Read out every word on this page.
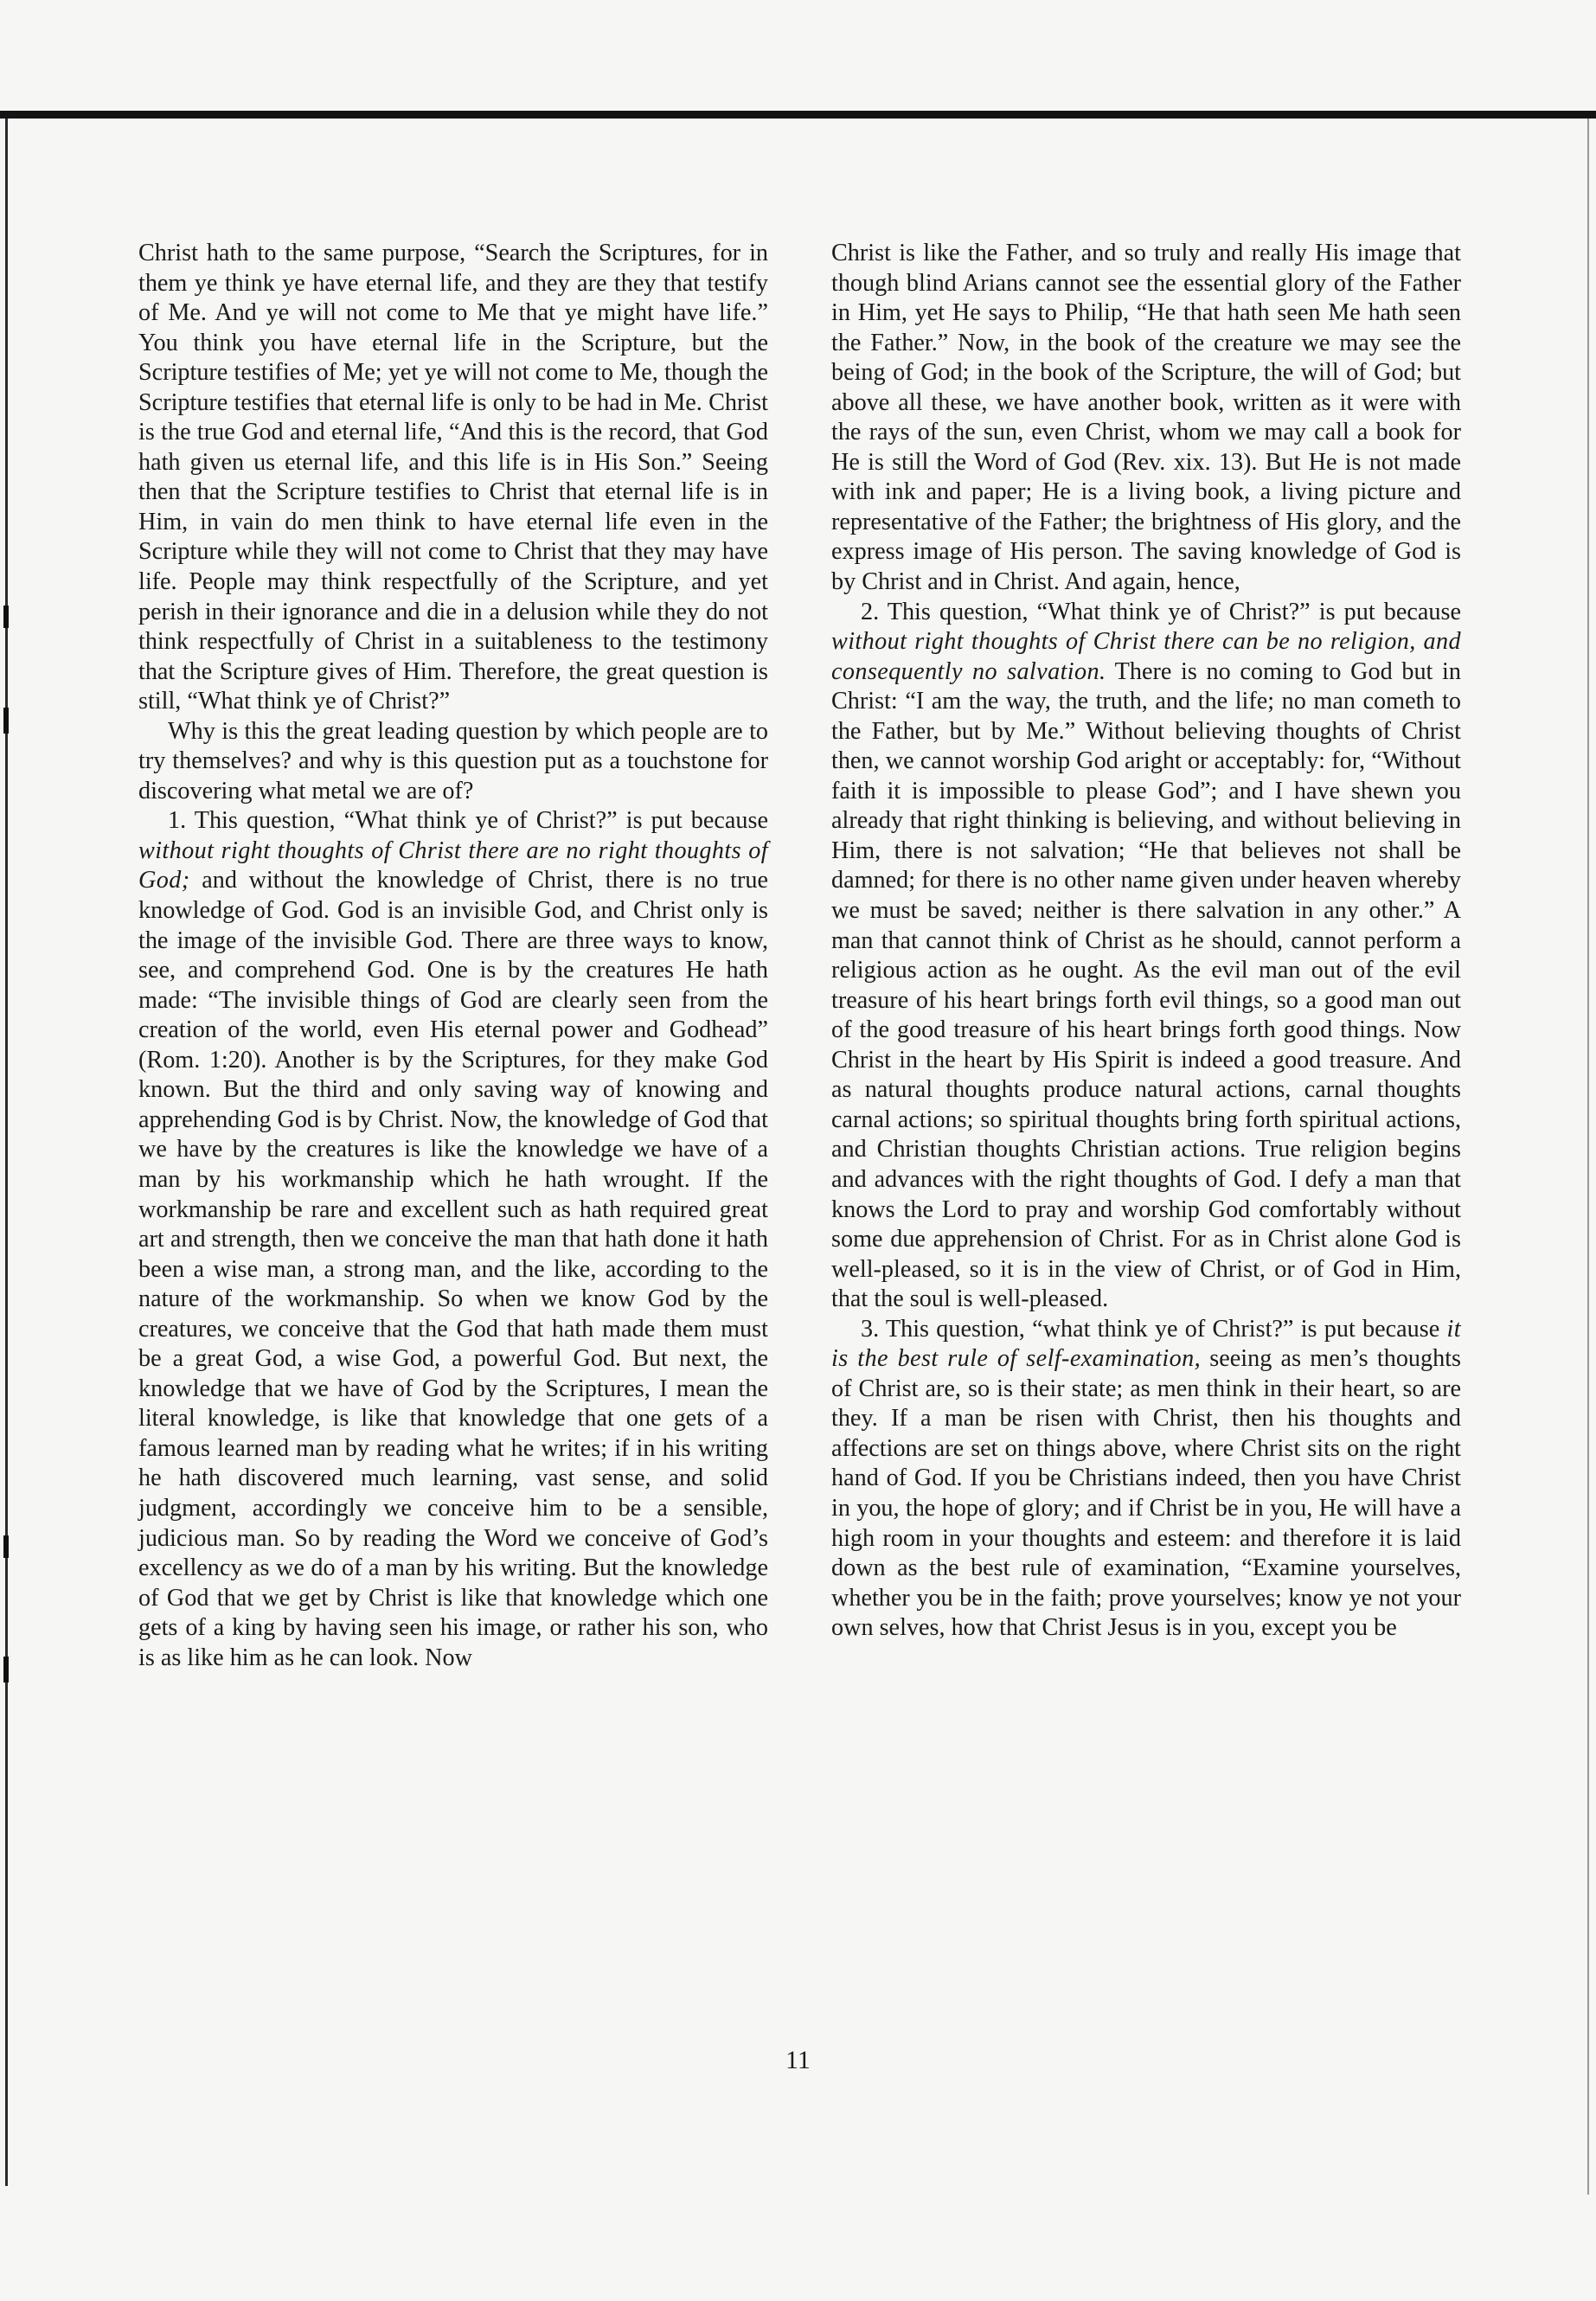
Christ hath to the same purpose, “Search the Scriptures, for in them ye think ye have eternal life, and they are they that testify of Me. And ye will not come to Me that ye might have life.” You think you have eternal life in the Scripture, but the Scripture testifies of Me; yet ye will not come to Me, though the Scripture testifies that eternal life is only to be had in Me. Christ is the true God and eternal life, “And this is the record, that God hath given us eternal life, and this life is in His Son.” Seeing then that the Scripture testifies to Christ that eternal life is in Him, in vain do men think to have eternal life even in the Scripture while they will not come to Christ that they may have life. People may think respectfully of the Scripture, and yet perish in their ignorance and die in a delusion while they do not think respectfully of Christ in a suitableness to the testimony that the Scripture gives of Him. Therefore, the great question is still, “What think ye of Christ?”

Why is this the great leading question by which people are to try themselves? and why is this question put as a touchstone for discovering what metal we are of?

1. This question, “What think ye of Christ?” is put because without right thoughts of Christ there are no right thoughts of God; and without the knowledge of Christ, there is no true knowledge of God. God is an invisible God, and Christ only is the image of the invisible God. There are three ways to know, see, and comprehend God. One is by the creatures He hath made: “The invisible things of God are clearly seen from the creation of the world, even His eternal power and Godhead” (Rom. 1:20). Another is by the Scriptures, for they make God known. But the third and only saving way of knowing and apprehending God is by Christ. Now, the knowledge of God that we have by the creatures is like the knowledge we have of a man by his workmanship which he hath wrought. If the workmanship be rare and excellent such as hath required great art and strength, then we conceive the man that hath done it hath been a wise man, a strong man, and the like, according to the nature of the workmanship. So when we know God by the creatures, we conceive that the God that hath made them must be a great God, a wise God, a powerful God. But next, the knowledge that we have of God by the Scriptures, I mean the literal knowledge, is like that knowledge that one gets of a famous learned man by reading what he writes; if in his writing he hath discovered much learning, vast sense, and solid judgment, accordingly we conceive him to be a sensible, judicious man. So by reading the Word we conceive of God’s excellency as we do of a man by his writing. But the knowledge of God that we get by Christ is like that knowledge which one gets of a king by having seen his image, or rather his son, who is as like him as he can look. Now

Christ is like the Father, and so truly and really His image that though blind Arians cannot see the essential glory of the Father in Him, yet He says to Philip, “He that hath seen Me hath seen the Father.” Now, in the book of the creature we may see the being of God; in the book of the Scripture, the will of God; but above all these, we have another book, written as it were with the rays of the sun, even Christ, whom we may call a book for He is still the Word of God (Rev. xix. 13). But He is not made with ink and paper; He is a living book, a living picture and representative of the Father; the brightness of His glory, and the express image of His person. The saving knowledge of God is by Christ and in Christ. And again, hence,

2. This question, “What think ye of Christ?” is put because without right thoughts of Christ there can be no religion, and consequently no salvation. There is no coming to God but in Christ: “I am the way, the truth, and the life; no man cometh to the Father, but by Me.” Without believing thoughts of Christ then, we cannot worship God aright or acceptably: for, “Without faith it is impossible to please God”; and I have shewn you already that right thinking is believing, and without believing in Him, there is not salvation; “He that believes not shall be damned; for there is no other name given under heaven whereby we must be saved; neither is there salvation in any other.” A man that cannot think of Christ as he should, cannot perform a religious action as he ought. As the evil man out of the evil treasure of his heart brings forth evil things, so a good man out of the good treasure of his heart brings forth good things. Now Christ in the heart by His Spirit is indeed a good treasure. And as natural thoughts produce natural actions, carnal thoughts carnal actions; so spiritual thoughts bring forth spiritual actions, and Christian thoughts Christian actions. True religion begins and advances with the right thoughts of God. I defy a man that knows the Lord to pray and worship God comfortably without some due apprehension of Christ. For as in Christ alone God is well-pleased, so it is in the view of Christ, or of God in Him, that the soul is well-pleased.

3. This question, “what think ye of Christ?” is put because it is the best rule of self-examination, seeing as men’s thoughts of Christ are, so is their state; as men think in their heart, so are they. If a man be risen with Christ, then his thoughts and affections are set on things above, where Christ sits on the right hand of God. If you be Christians indeed, then you have Christ in you, the hope of glory; and if Christ be in you, He will have a high room in your thoughts and esteem: and therefore it is laid down as the best rule of examination, “Examine yourselves, whether you be in the faith; prove yourselves; know ye not your own selves, how that Christ Jesus is in you, except you be

11
